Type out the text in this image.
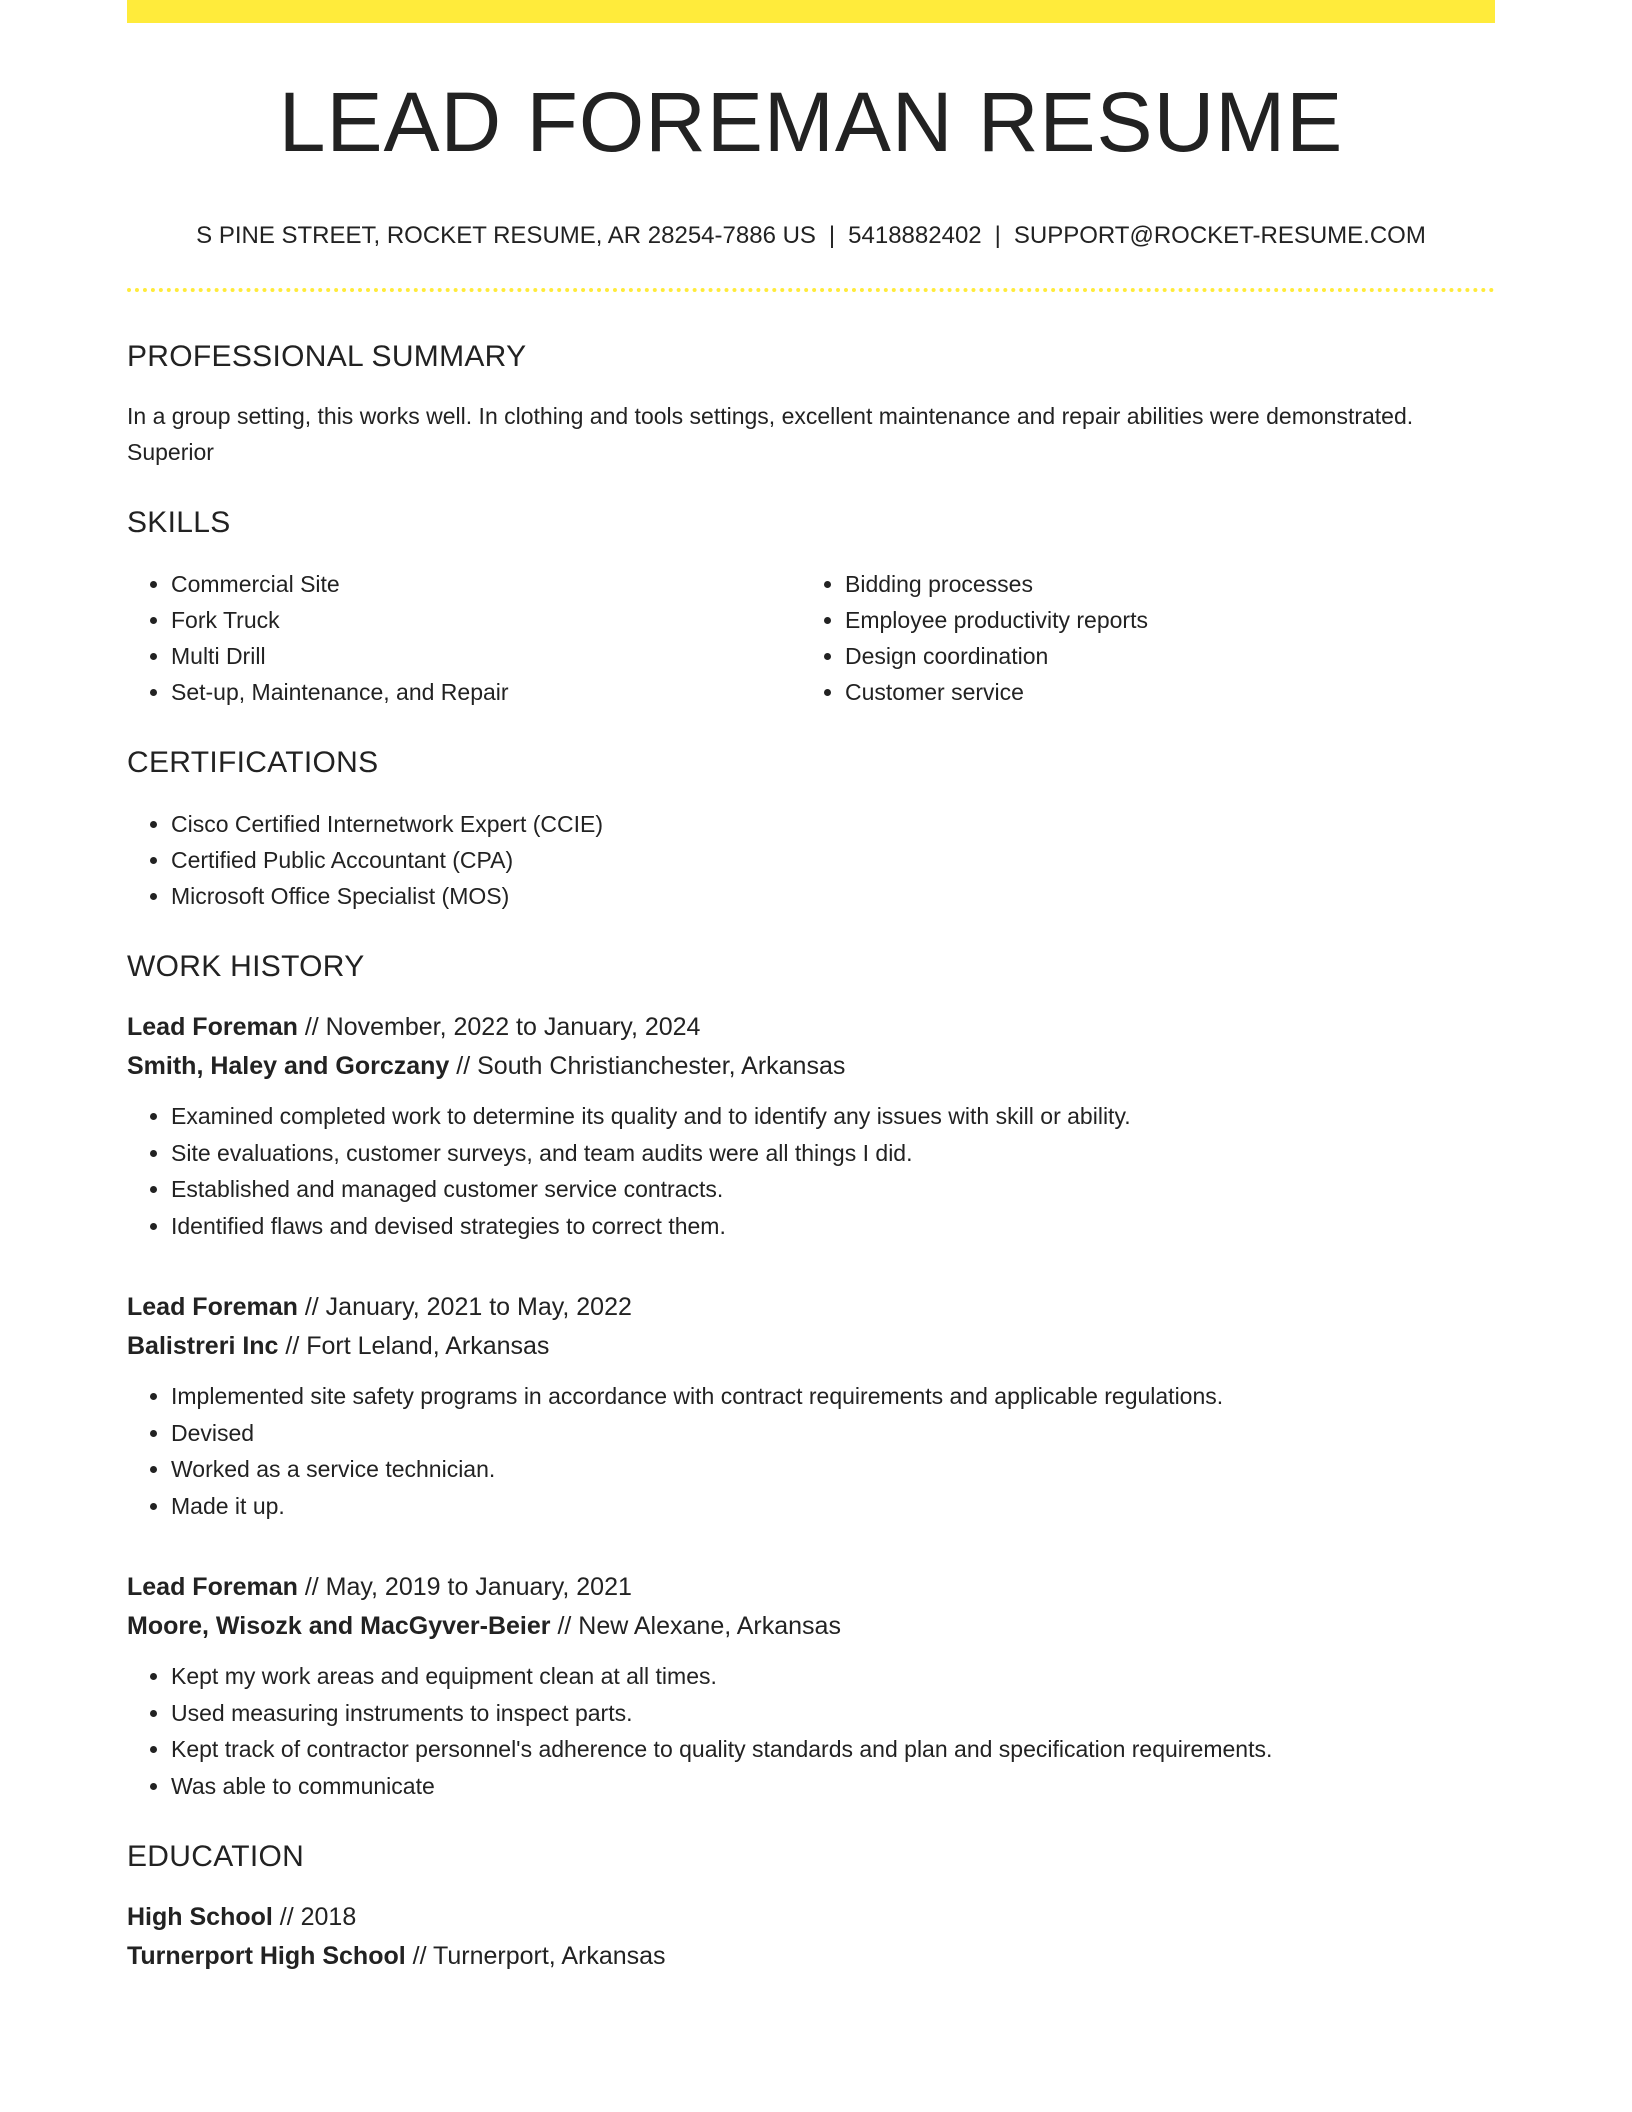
LEAD FOREMAN RESUME
S PINE STREET, ROCKET RESUME, AR 28254-7886 US | 5418882402 | SUPPORT@ROCKET-RESUME.COM
PROFESSIONAL SUMMARY
In a group setting, this works well. In clothing and tools settings, excellent maintenance and repair abilities were demonstrated. Superior
SKILLS
• Commercial Site
• Fork Truck
• Multi Drill
• Set-up, Maintenance, and Repair
• Bidding processes
• Employee productivity reports
• Design coordination
• Customer service
CERTIFICATIONS
• Cisco Certified Internetwork Expert (CCIE)
• Certified Public Accountant (CPA)
• Microsoft Office Specialist (MOS)
WORK HISTORY
Lead Foreman // November, 2022 to January, 2024
Smith, Haley and Gorczany // South Christianchester, Arkansas
• Examined completed work to determine its quality and to identify any issues with skill or ability.
• Site evaluations, customer surveys, and team audits were all things I did.
• Established and managed customer service contracts.
• Identified flaws and devised strategies to correct them.
Lead Foreman // January, 2021 to May, 2022
Balistreri Inc // Fort Leland, Arkansas
• Implemented site safety programs in accordance with contract requirements and applicable regulations.
• Devised
• Worked as a service technician.
• Made it up.
Lead Foreman // May, 2019 to January, 2021
Moore, Wisozk and MacGyver-Beier // New Alexane, Arkansas
• Kept my work areas and equipment clean at all times.
• Used measuring instruments to inspect parts.
• Kept track of contractor personnel's adherence to quality standards and plan and specification requirements.
• Was able to communicate
EDUCATION
High School // 2018
Turnerport High School // Turnerport, Arkansas
